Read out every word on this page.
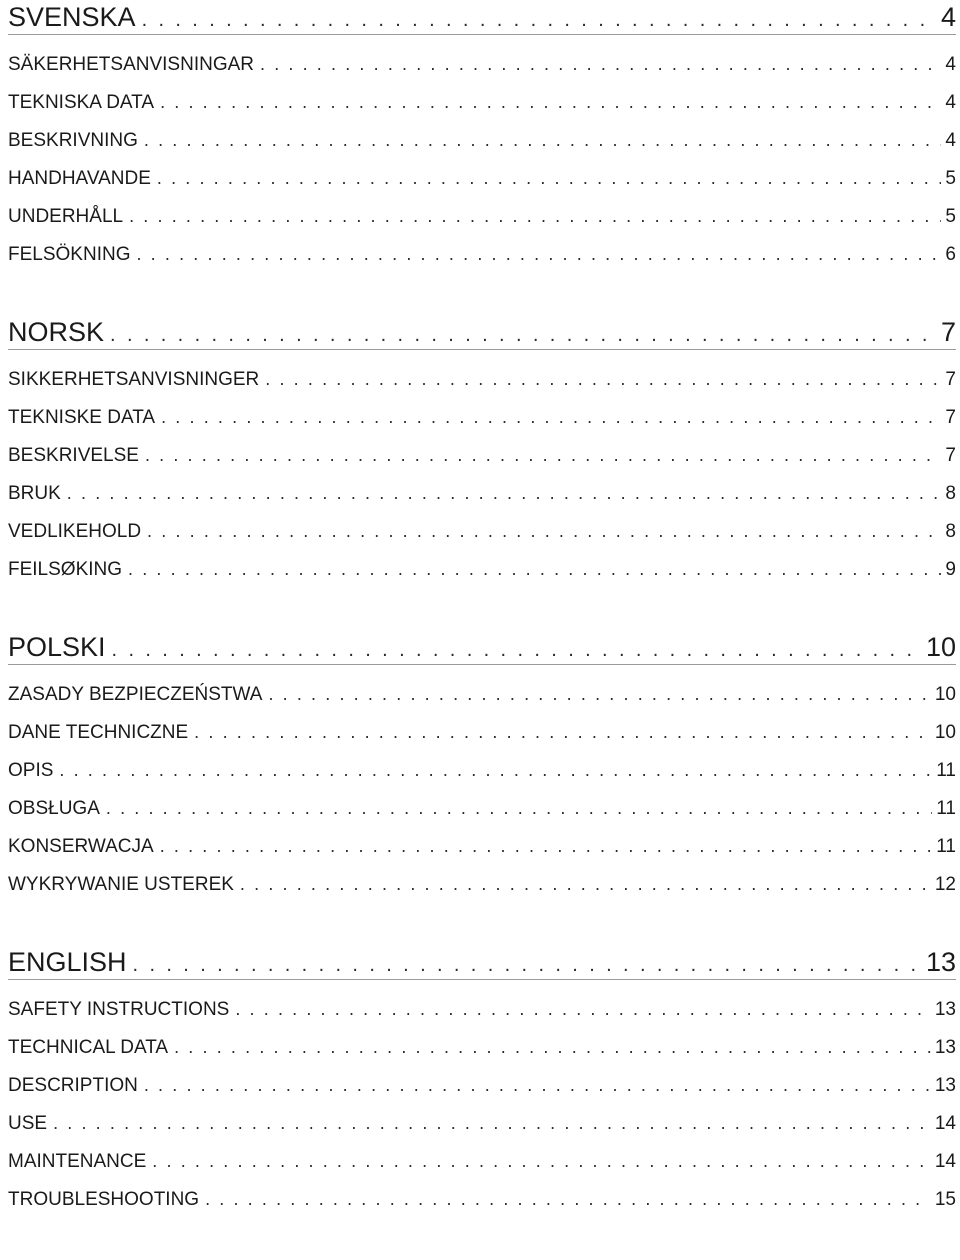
SVENSKA . . .	4
SÄKERHETSANVISNINGAR . . .	4
TEKNISKA DATA . . .	4
BESKRIVNING . . .	4
HANDHAVANDE . . .	5
UNDERHÅLL . . .	5
FELSÖKNING . . .	6
NORSK . . .	7
SIKKERHETSANVISNINGER . . .	7
TEKNISKE DATA . . .	7
BESKRIVELSE . . .	7
BRUK . . .	8
VEDLIKEHOLD . . .	8
FEILSØKING . . .	9
POLSKI . . .	10
ZASADY BEZPIECZEŃSTWA . . .	10
DANE TECHNICZNE . . .	10
OPIS . . .	11
OBSŁUGA . . .	11
KONSERWACJA . . .	11
WYKRYWANIE USTEREK . . .	12
ENGLISH . . .	13
SAFETY INSTRUCTIONS . . .	13
TECHNICAL DATA . . .	13
DESCRIPTION . . .	13
USE . . .	14
MAINTENANCE . . .	14
TROUBLESHOOTING . . .	15
